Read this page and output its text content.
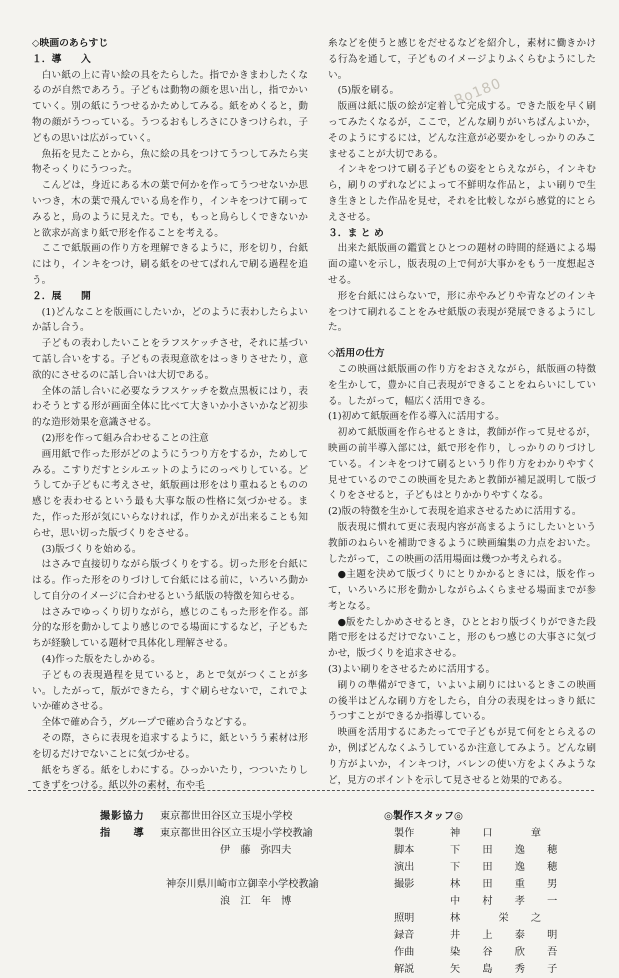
Ro180

◇映画のあらすじ

１．導　　入

白い紙の上に青い絵の具をたらした。指でかきまわしたくなるのが自然であろう。子どもは動物の顔を思い出し，指でかいていく。別の紙にうつせるかためしてみる。紙をめくると，動物の顔がうつっている。うつるおもしろさにひきつけられ，子どもの思いは広がっていく。

魚拓を見たことから，魚に絵の具をつけてうつしてみたら実物そっくりにうつった。

こんどは，身近にある木の葉で何かを作ってうつせないか思いつき，木の葉で飛んでいる鳥を作り，インキをつけて刷ってみると，鳥のように見えた。でも，もっと鳥らしくできないかと欲求が高まり紙で形を作ることを考える。

ここで紙版画の作り方を理解できるように，形を切り，台紙にはり，インキをつけ，刷る紙をのせてばれんで刷る過程を追う。

２．展　　開

(1)どんなことを版画にしたいか，どのように表わしたらよいか話し合う。

子どもの表わしたいことをラフスケッチさせ，それに基づいて話し合いをする。子どもの表現意欲をはっきりさせたり，意欲的にさせるのに話し合いは大切である。

全体の話し合いに必要なラフスケッチを数点黒板にはり，表わそうとする形が画面全体に比べて大きいか小さいかなど初歩的な造形効果を意識させる。

(2)形を作って組み合わせることの注意

画用紙で作った形がどのようにうつり方をするか，ためしてみる。こすりだすとシルエットのようにのっぺりしている。どうしてか子どもに考えさせ，紙版画は形をはり重ねるとものの感じを表わせるという最も大事な版の性格に気づかせる。また，作った形が気にいらなければ，作りかえが出来ることも知らせ，思い切った版づくりをさせる。

(3)版づくりを始める。

はさみで直接切りながら版づくりをする。切った形を台紙にはる。作った形をのりづけして台紙にはる前に，いろいろ動かして自分のイメージに合わせるという紙版の特徴を知らせる。

はさみでゆっくり切りながら，感じのこもった形を作る。部分的な形を動かしてより感じのでる場面にするなど，子どもたちが経験している題材で具体化し理解させる。

(4)作った版をたしかめる。

子どもの表現過程を見ていると，あとで気がつくことが多い。したがって，版ができたら，すぐ刷らせないで，これでよいか確めさせる。

全体で確め合う，グループで確め合うなどする。

その際，さらに表現を追求するように，紙というう素材は形を切るだけでないことに気づかせる。

紙をちぎる。紙をしわにする。ひっかいたり，つついたりしてきずをつける。紙以外の素材，布や毛

糸などを使うと感じをだせるなどを紹介し，素材に働きかける行為を通して，子どものイメージよりふくらむようにしたい。

(5)版を刷る。

版画は紙に版の絵が定着して完成する。できた版を早く刷ってみたくなるが，ここで，どんな刷りがいちばんよいか，そのようにするには，どんな注意が必要かをしっかりのみこませることが大切である。

インキをつけて刷る子どもの姿をとらえながら，インキむら，刷りのずれなどによって不鮮明な作品と，よい刷りで生き生きとした作品を見せ，それを比較しながら感覚的にとらえさせる。

３．ま と め

出来た紙版画の鑑賞とひとつの題材の時間的経過による場面の違いを示し，版表現の上で何が大事かをもう一度想起させる。

形を台紙にはらないで，形に赤やみどりや青などのインキをつけて刷れることをみせ紙版の表現が発展できるようにした。

◇活用の仕方

この映画は紙版画の作り方をおさえながら，紙版画の特徴を生かして，豊かに自己表現ができることをねらいにしている。したがって，幅広く活用できる。

(1)初めて紙版画を作る導入に活用する。

初めて紙版画を作らせるときは，教師が作って見せるが，映画の前半導入部には，紙で形を作り，しっかりのりづけしている。インキをつけて刷るというり作り方をわかりやすく見せているのでこの映画を見たあと教師が補足説明して版づくりをさせると，子どもはとりかかりやすくなる。

(2)版の特徴を生かして表現を追求させるために活用する。

版表現に慣れて更に表現内容が高まるようにしたいという教師のねらいを補助できるように映画編集の力点をおいた。したがって，この映画の活用場面は幾つか考えられる。

●主題を決めて版づくりにとりかかるときには，版を作って，いろいろに形を動かしながらふくらませる場面までが参考となる。

●版をたしかめさせるとき，ひととおり版づくりができた段階で形をはるだけでないこと，形のもつ感じの大事さに気づかせ，版づくりを追求させる。

(3)よい刷りをさせるために活用する。

刷りの準備ができて，いよいよ刷りにはいるときこの映画の後半はどんな刷り方をしたら，自分の表現をはっきり紙にうつすことができるか指導している。

映画を活用するにあたってで子どもが見て何をとらえるのか，例ばどんなくふうしているか注意してみよう。どんな刷り方がよいか，インキつけ，バレンの使い方をよくみようなど，見方のポイントを示して見させると効果的である。

撮影協力	東京都世田谷区立玉堤小学校
指　　導	東京都世田谷区立玉堤小学校教諭
伊　藤　弥四夫
神奈川県川崎市立御幸小学校教諭
浪　江　年　博
◎製作スタッフ◎
製作	神　口　　章
脚本	下　田　逸　穂
演出	下　田　逸　穂
撮影	林　田　重　男
中　村　孝　一
照明	林　　栄　之
録音	井　上　泰　明
作曲	染　谷　欣　吾
解説	矢　島　秀　子
